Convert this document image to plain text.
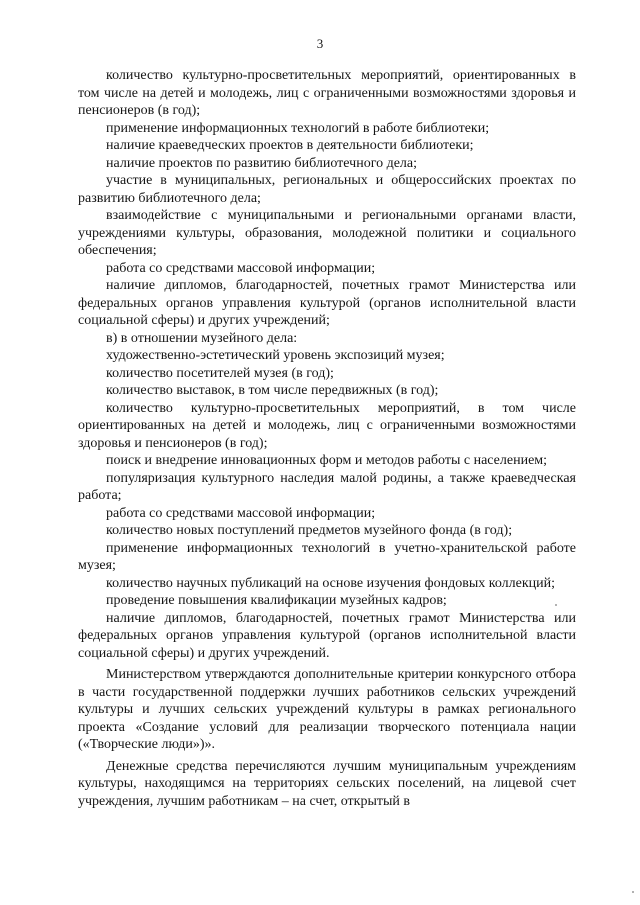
3

количество культурно-просветительных мероприятий, ориентированных в том числе на детей и молодежь, лиц с ограниченными возможностями здоровья и пенсионеров (в год);

применение информационных технологий в работе библиотеки;

наличие краеведческих проектов в деятельности библиотеки;

наличие проектов по развитию библиотечного дела;

участие в муниципальных, региональных и общероссийских проектах по развитию библиотечного дела;

взаимодействие с муниципальными и региональными органами власти, учреждениями культуры, образования, молодежной политики и социального обеспечения;

работа со средствами массовой информации;

наличие дипломов, благодарностей, почетных грамот Министерства или федеральных органов управления культурой (органов исполнительной власти социальной сферы) и других учреждений;

в) в отношении музейного дела:

художественно-эстетический уровень экспозиций музея;

количество посетителей музея (в год);

количество выставок, в том числе передвижных (в год);

количество культурно-просветительных мероприятий, в том числе ориентированных на детей и молодежь, лиц с ограниченными возможностями здоровья и пенсионеров (в год);

поиск и внедрение инновационных форм и методов работы с населением;

популяризация культурного наследия малой родины, а также краеведческая работа;

работа со средствами массовой информации;

количество новых поступлений предметов музейного фонда (в год);

применение информационных технологий в учетно-хранительской работе музея;

количество научных публикаций на основе изучения фондовых коллекций;

проведение повышения квалификации музейных кадров;

наличие дипломов, благодарностей, почетных грамот Министерства или федеральных органов управления культурой (органов исполнительной власти социальной сферы) и других учреждений.

Министерством утверждаются дополнительные критерии конкурсного отбора в части государственной поддержки лучших работников сельских учреждений культуры и лучших сельских учреждений культуры в рамках регионального проекта «Создание условий для реализации творческого потенциала нации («Творческие люди»)».

Денежные средства перечисляются лучшим муниципальным учреждениям культуры, находящимся на территориях сельских поселений, на лицевой счет учреждения, лучшим работникам – на счет, открытый в
